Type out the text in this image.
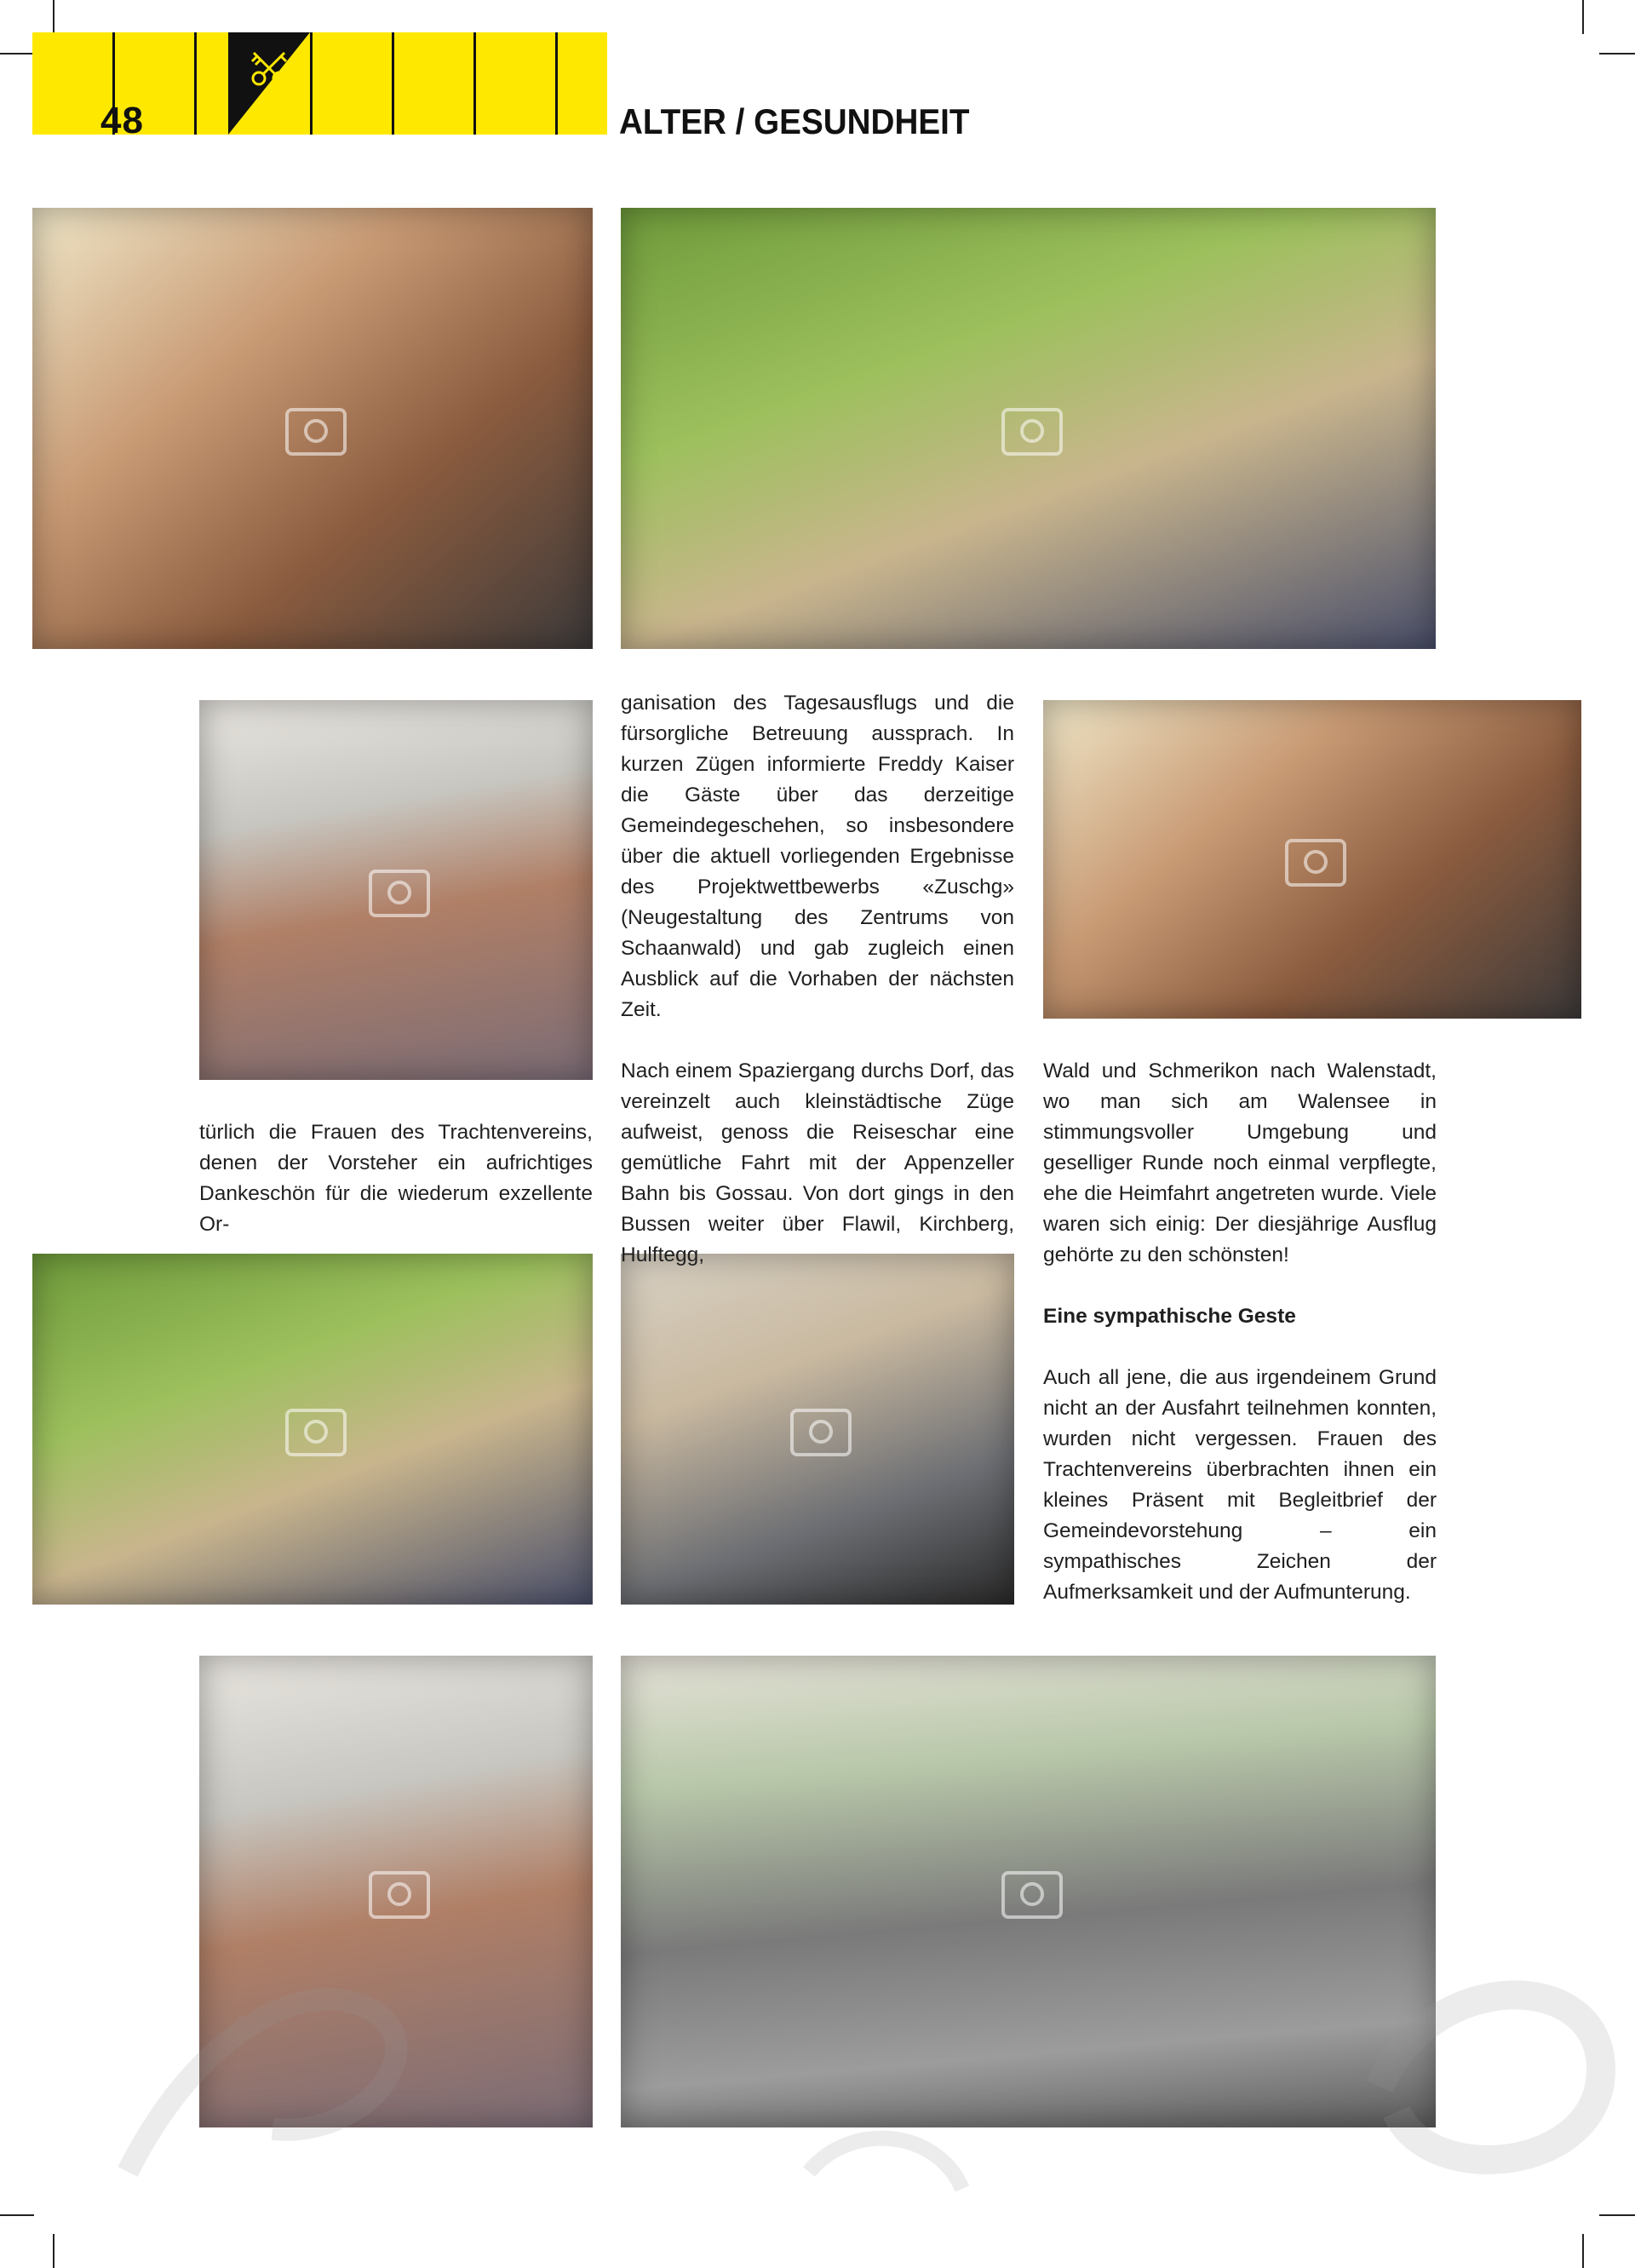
48	ALTER / GESUNDHEIT

türlich die Frauen des Trachtenvereins, denen der Vorsteher ein aufrichtiges Dankeschön für die wiederum exzellente Or-

ganisation des Tagesausflugs und die fürsorgliche Betreuung aussprach. In kurzen Zügen informierte Freddy Kaiser die Gäste über das derzeitige Gemeindegeschehen, so insbesondere über die aktuell vorliegenden Ergebnisse des Projektwettbewerbs «Zuschg» (Neugestaltung des Zentrums von Schaanwald) und gab zugleich einen Ausblick auf die Vorhaben der nächsten Zeit.

Nach einem Spaziergang durchs Dorf, das vereinzelt auch kleinstädtische Züge aufweist, genoss die Reiseschar eine gemütliche Fahrt mit der Appenzeller Bahn bis Gossau. Von dort gings in den Bussen weiter über Flawil, Kirchberg, Hulftegg,

Wald und Schmerikon nach Walenstadt, wo man sich am Walensee in stimmungsvoller Umgebung und geselliger Runde noch einmal verpflegte, ehe die Heimfahrt angetreten wurde. Viele waren sich einig: Der diesjährige Ausflug gehörte zu den schönsten!

Eine sympathische Geste

Auch all jene, die aus irgendeinem Grund nicht an der Ausfahrt teilnehmen konnten, wurden nicht vergessen. Frauen des Trachtenvereins überbrachten ihnen ein kleines Präsent mit Begleitbrief der Gemeindevorstehung – ein sympathisches Zeichen der Aufmerksamkeit und der Aufmunterung.
